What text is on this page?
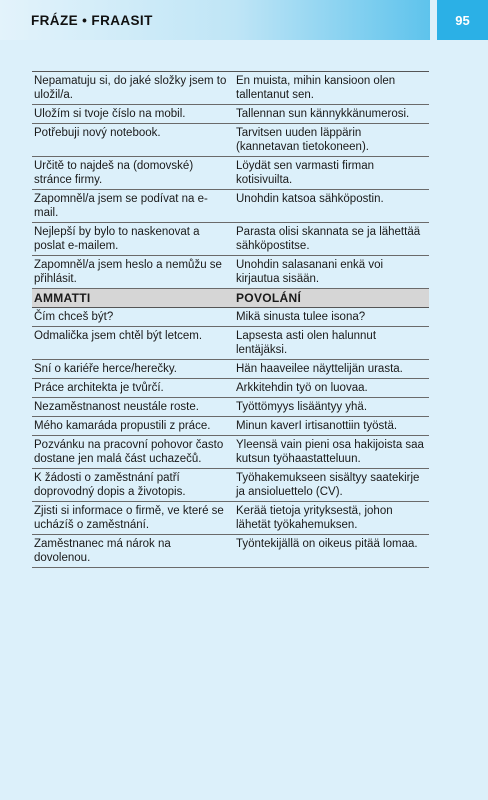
FRÁZE • FRAASIT	95
Nepamatuju si, do jaké složky jsem to uložil/a.	En muista, mihin kansioon olen tallentanut sen.
Uložím si tvoje číslo na mobil.	Tallennan sun kännykkänumerosi.
Potřebuji nový notebook.	Tarvitsen uuden läppärin (kannetavan tietokoneen).
Určitě to najdeš na (domovské) stránce firmy.	Löydät sen varmasti firman kotisivuilta.
Zapomněl/a jsem se podívat na e-mail.	Unohdin katsoa sähköpostin.
Nejlepší by bylo to naskenovat a poslat e-mailem.	Parasta olisi skannata se ja lähettää sähköpostitse.
Zapomněl/a jsem heslo a nemůžu se přihlásit.	Unohdin salasanani enkä voi kirjautua sisään.
AMMATTI	POVOLÁNÍ
Čím chceš být?	Mikä sinusta tulee isona?
Odmalička jsem chtěl být letcem.	Lapsesta asti olen halunnut lentäjäksi.
Sní o kariéře herce/herečky.	Hän haaveilee näyttelijän urasta.
Práce architekta je tvůrčí.	Arkkitehdin työ on luovaa.
Nezaměstnanost neustále roste.	Työttömyys lisääntyy yhä.
Mého kamaráda propustili z práce.	Minun kaverI irtisanottiin työstä.
Pozvánku na pracovní pohovor často dostane jen malá část uchazečů.	Yleensä vain pieni osa hakijoista saa kutsun työhaastatteluun.
K žádosti o zaměstnání patří doprovodný dopis a životopis.	Työhakemukseen sisältyy saatekirje ja ansioluettelo (CV).
Zjisti si informace o firmě, ve které se ucházíš o zaměstnání.	Kerää tietoja yrityksestä, johon lähetät työkahemuksen.
Zaměstnanec má nárok na dovolenou.	Työntekijällä on oikeus pitää lomaa.
